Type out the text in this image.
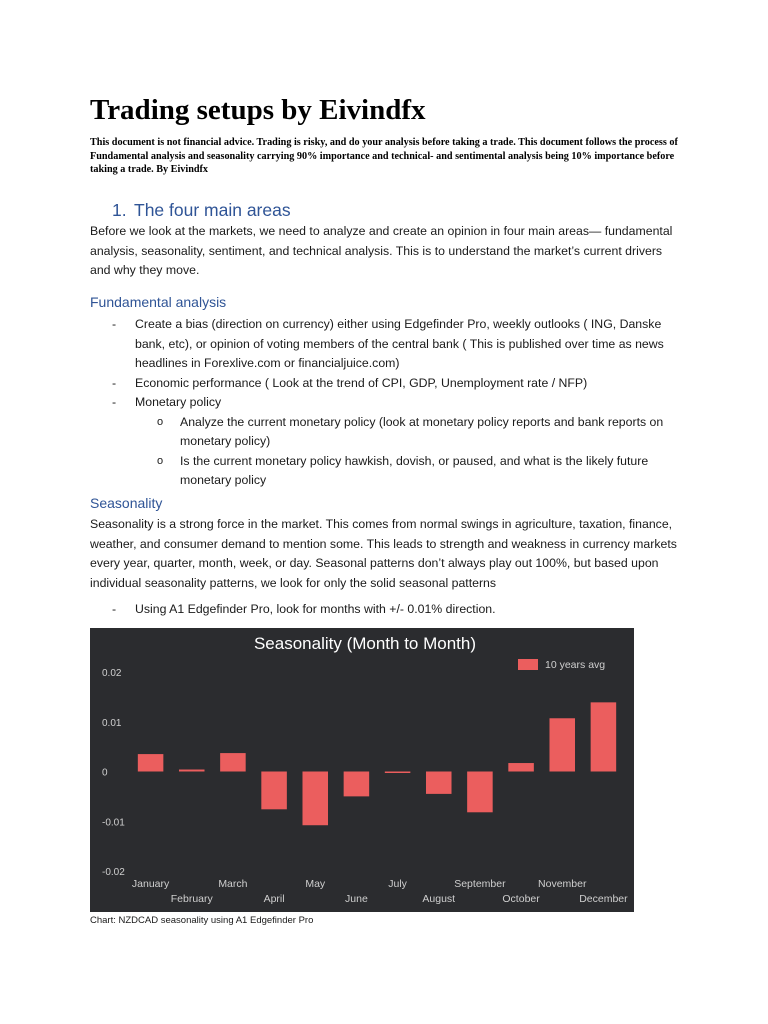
Trading setups by Eivindfx

This document is not financial advice. Trading is risky, and do your analysis before taking a trade. This document follows the process of Fundamental analysis and seasonality carrying 90% importance and technical- and sentimental analysis being 10% importance before taking a trade. By Eivindfx

1. The four main areas

Before we look at the markets, we need to analyze and create an opinion in four main areas— fundamental analysis, seasonality, sentiment, and technical analysis. This is to understand the market’s current drivers and why they move.

Fundamental analysis
- Create a bias (direction on currency) either using Edgefinder Pro, weekly outlooks ( ING, Danske bank, etc), or opinion of voting members of the central bank ( This is published over time as news headlines in Forexlive.com or financialjuice.com)
- Economic performance ( Look at the trend of CPI, GDP, Unemployment rate / NFP)
- Monetary policy
o Analyze the current monetary policy (look at monetary policy reports and bank reports on monetary policy)
o Is the current monetary policy hawkish, dovish, or paused, and what is the likely future monetary policy
Seasonality

Seasonality is a strong force in the market. This comes from normal swings in agriculture, taxation, finance, weather, and consumer demand to mention some. This leads to strength and weakness in currency markets every year, quarter, month, week, or day. Seasonal patterns don’t always play out 100%, but based upon individual seasonality patterns, we look for only the solid seasonal patterns

- Using A1 Edgefinder Pro, look for months with +/- 0.01% direction.
Seasonality (Month to Month)
10 years avg
0.02
0.01
0
-0.01
-0.02
January
February
March
April
May
June
July
August
September
October
November
December

Chart: NZDCAD seasonality using A1 Edgefinder Pro
